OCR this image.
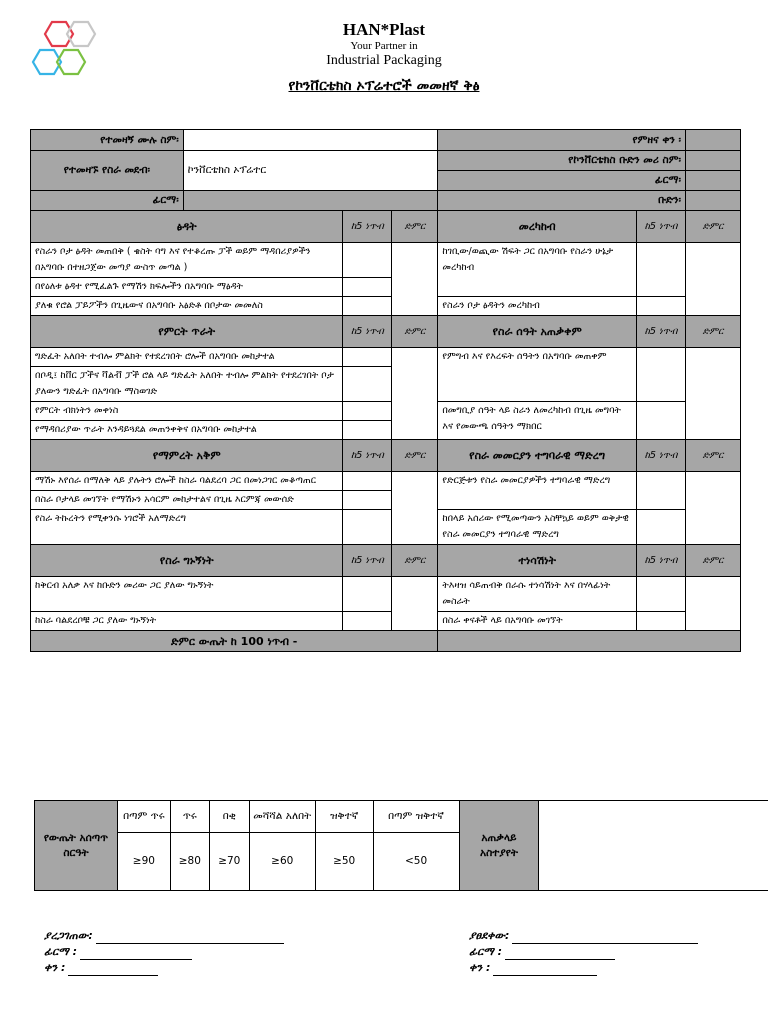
HAN*Plast
Your Partner in
Industrial Packaging
የኮንቨርቴክስ ኦፕሬተሮች መመዘኛ ቅፅ
የተመዛኝ ሙሉ ስም፡				የምዘና ቀን ፡		
የተመዛኙ የስራ መደብ፡	ኮንቨርቴክስ ኦፕሬተር			የኮንቨርቴክስ ቡድን መሪ ስም፡		
				ፊርማ፡		
ፊርማ፡				ቡድን፡		
ፅዳት		ከ5 ነጥብ	ድምር	መረካከብ	ከ5 ነጥብ	ድምር
የስራን ቦታ ፅዳት መጠበቅ ( ቄስት ባግ እና የተቆረጡ ፓች ወይም ማዳበሪያዎችን በአግባቡ በተዘጋጀው መጣያ ውስጥ መጣል )				ከገቢው/ወጪው ሽፍት ጋር በአግባቡ የስራን ሁኔታ መረካከብ		
በየዕለቱ ፅዳተ የሚፈልጉ የማሽን ክፍሎችን በአግባቡ ማፅዳት						
ያለቁ የሮል ፓይፖችን በጊዜውና በአግባቡ አፅድቶ በቦታው መመለስ				የስራን ቦታ ፅዳትን መረካከብ		
የምርት ጥራት		ከ5 ነጥብ	ድምር	የስራ ሰዓት አጠቃቀም	ከ5 ነጥብ	ድምር
ግድፈት አለበት ተብሎ ምልክት የተደረገበት ሮሎች በአግባቡ መከታተል				የምግብ እና የእረፍት ሰዓትን በአግባቡ መጠቀም		
በቦዲ፤ ከቨር ፓችና ቫልቭ ፓች ሮል ላይ ግድፈት አለበት ተብሎ ምልክት የተደረገበት ቦታ ያለውን ግድፈት በአግባቡ ማስወገድ						
የምርት ብክነትን መቀነስ				በመግቢያ ሰዓት ላይ ስራን ለመረካከብ በጊዜ መግባት እና የመውጫ ሰዓትን ማክበር		
የማዳበሪያው ጥራት እንዳይጓደል መጠንቀቅና በአግባቡ መከታተል						
የማምረት አቅም		ከ5 ነጥብ	ድምር	የስራ መመርያን ተግባራዊ ማድረግ	ከ5 ነጥብ	ድምር
ማሽኑ እየሰራ በማለቅ ላይ ያሉትን ሮሎች ከስራ ባልደረባ ጋር በመነጋገር መቆጣጠር				የድርጅቱን የስራ መመርያዎችን ተግባራዊ ማድረግ		
በስራ ቦታላይ መገኘት የማሽኑን አሳርም መከታተልና በጊዜ እርምጃ መውሰድ						
የስራ ትኩረትን የሚቀንሱ ነገሮች አለማድረግ				ከበላይ አሰሪው የሚመጣውን አስቸኳይ ወይም ወቅታዊ የስራ መመርያን ተግባራዊ ማድረግ		
የስራ ግኑኝነት		ከ5 ነጥብ	ድምር	ተነሳሽነት	ከ5 ነጥብ	ድምር
ከቅርብ አለቃ እና ከቡድን መሪው ጋር ያለው ግኑኝነት				ትእዛዝ ሳይጠብቅ በራሱ ተነሳሽነት እና በሃላፊነት መስራት		
ከስራ ባልደረቦቹ ጋር ያለው ግኑኝነት				በስራ ቀናቶች ላይ በአግባቡ መገኘት		
ድምር ውጤት ከ 100 ነጥብ -						
የውጤት አሰጣጥ ስርዓት	በጣም ጥሩ	ጥሩ	በቂ	መሻሻል አለበት	ዝቅተኛ	በጣም ዝቅተኛ	አጠቃላይ አስተያየት	
	≥90	≥80	≥70	≥60	≥50	<50		
ያረጋገጠው:
ፊርማ :
ቀን :
ያፀደቀው:
ፊርማ :
ቀን :
